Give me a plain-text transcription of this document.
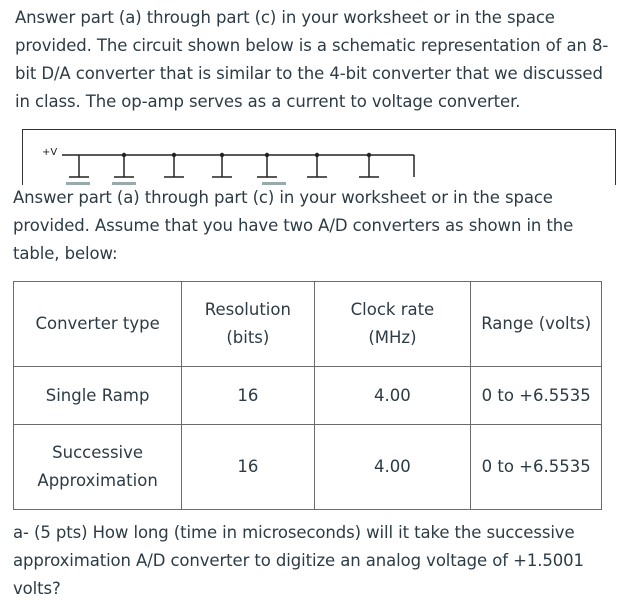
Answer part (a) through part (c) in your worksheet or in the space provided. The circuit shown below is a schematic representation of an 8-bit D/A converter that is similar to the 4-bit converter that we discussed in class. The op-amp serves as a current to voltage converter.

+V

Answer part (a) through part (c) in your worksheet or in the space provided. Assume that you have two A/D converters as shown in the table, below:

Converter type	Resolution (bits)	Clock rate (MHz)	Range (volts)
Single Ramp	16	4.00	0 to +6.5535
Successive Approximation	16	4.00	0 to +6.5535

a- (5 pts) How long (time in microseconds) will it take the successive approximation A/D converter to digitize an analog voltage of +1.5001 volts?
